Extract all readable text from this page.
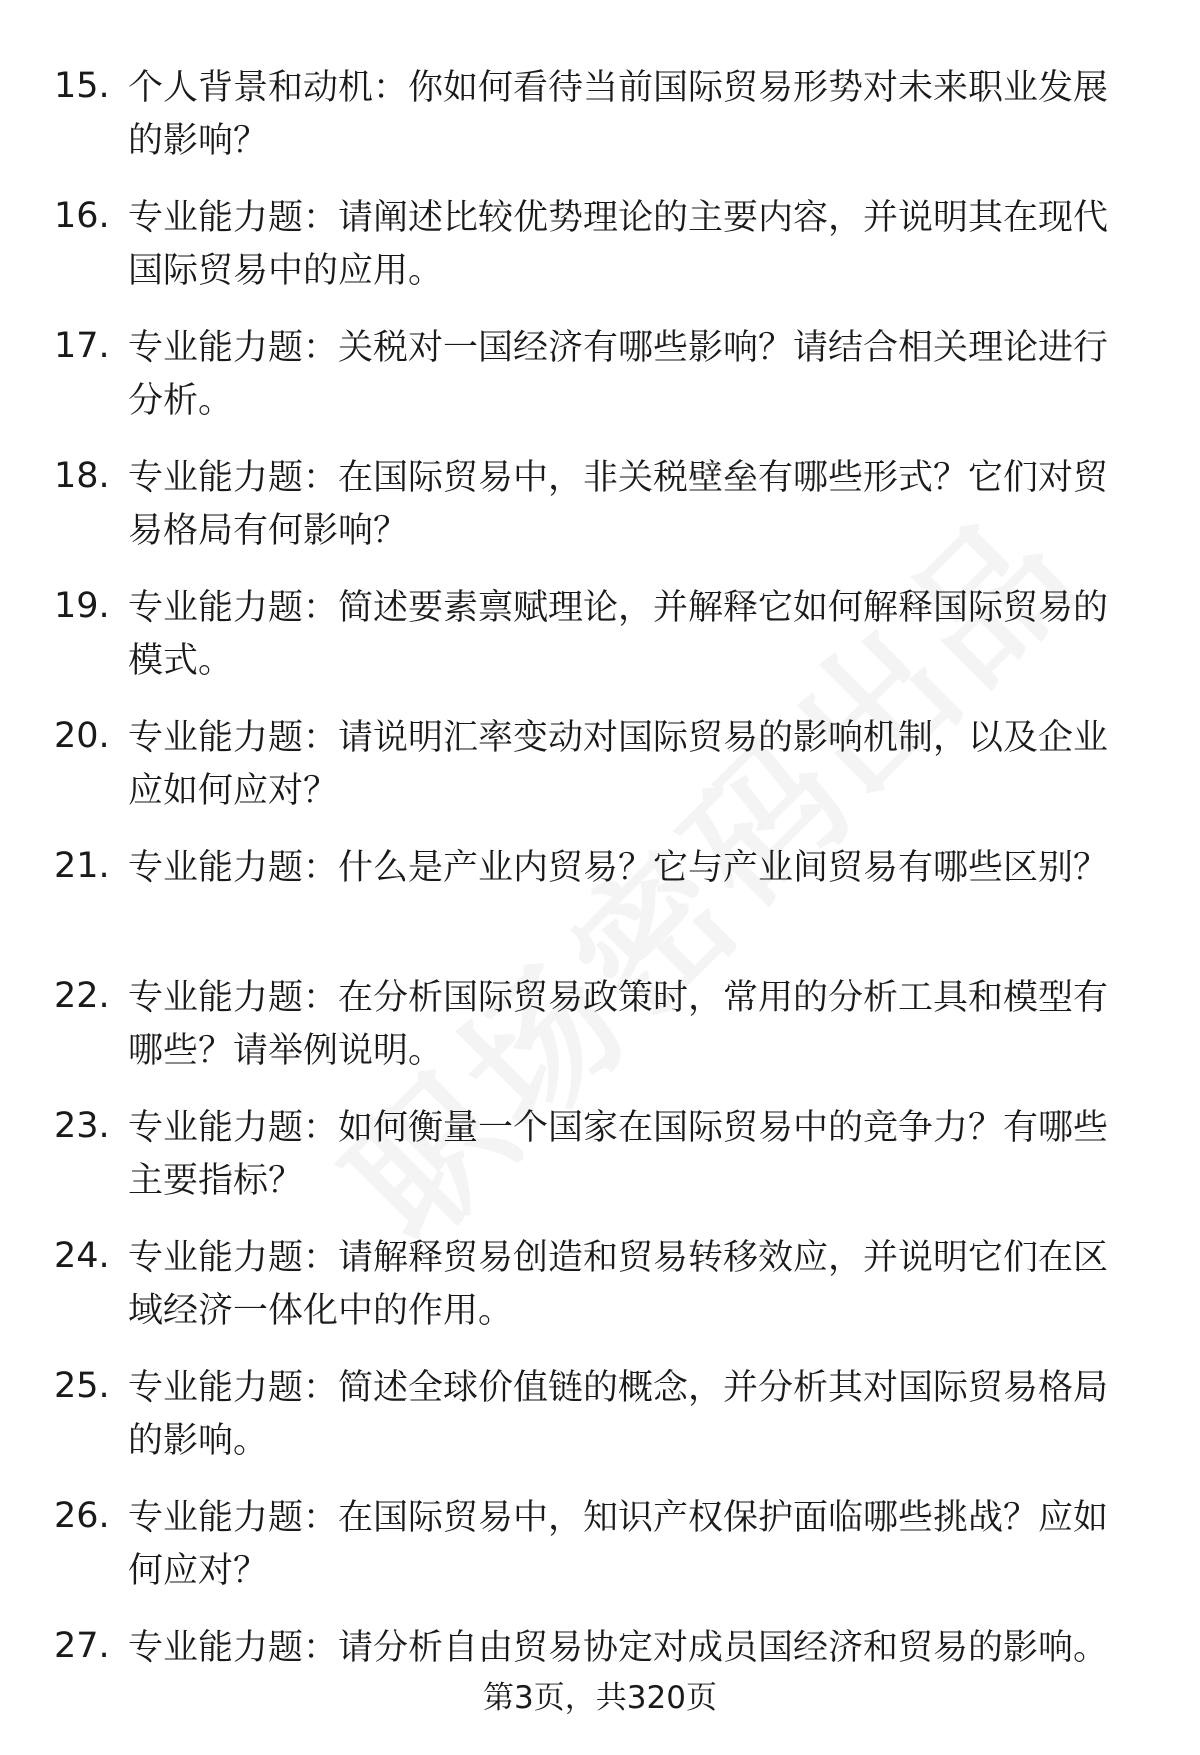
15. 个人背景和动机：你如何看待当前国际贸易形势对未来职业发展的影响？
16. 专业能力题：请阐述比较优势理论的主要内容，并说明其在现代国际贸易中的应用。
17. 专业能力题：关税对一国经济有哪些影响？请结合相关理论进行分析。
18. 专业能力题：在国际贸易中，非关税壁垒有哪些形式？它们对贸易格局有何影响？
19. 专业能力题：简述要素禀赋理论，并解释它如何解释国际贸易的模式。
20. 专业能力题：请说明汇率变动对国际贸易的影响机制，以及企业应如何应对？
21. 专业能力题：什么是产业内贸易？它与产业间贸易有哪些区别？
22. 专业能力题：在分析国际贸易政策时，常用的分析工具和模型有哪些？请举例说明。
23. 专业能力题：如何衡量一个国家在国际贸易中的竞争力？有哪些主要指标？
24. 专业能力题：请解释贸易创造和贸易转移效应，并说明它们在区域经济一体化中的作用。
25. 专业能力题：简述全球价值链的概念，并分析其对国际贸易格局的影响。
26. 专业能力题：在国际贸易中，知识产权保护面临哪些挑战？应如何应对？
27. 专业能力题：请分析自由贸易协定对成员国经济和贸易的影响。
第3页，共320页
